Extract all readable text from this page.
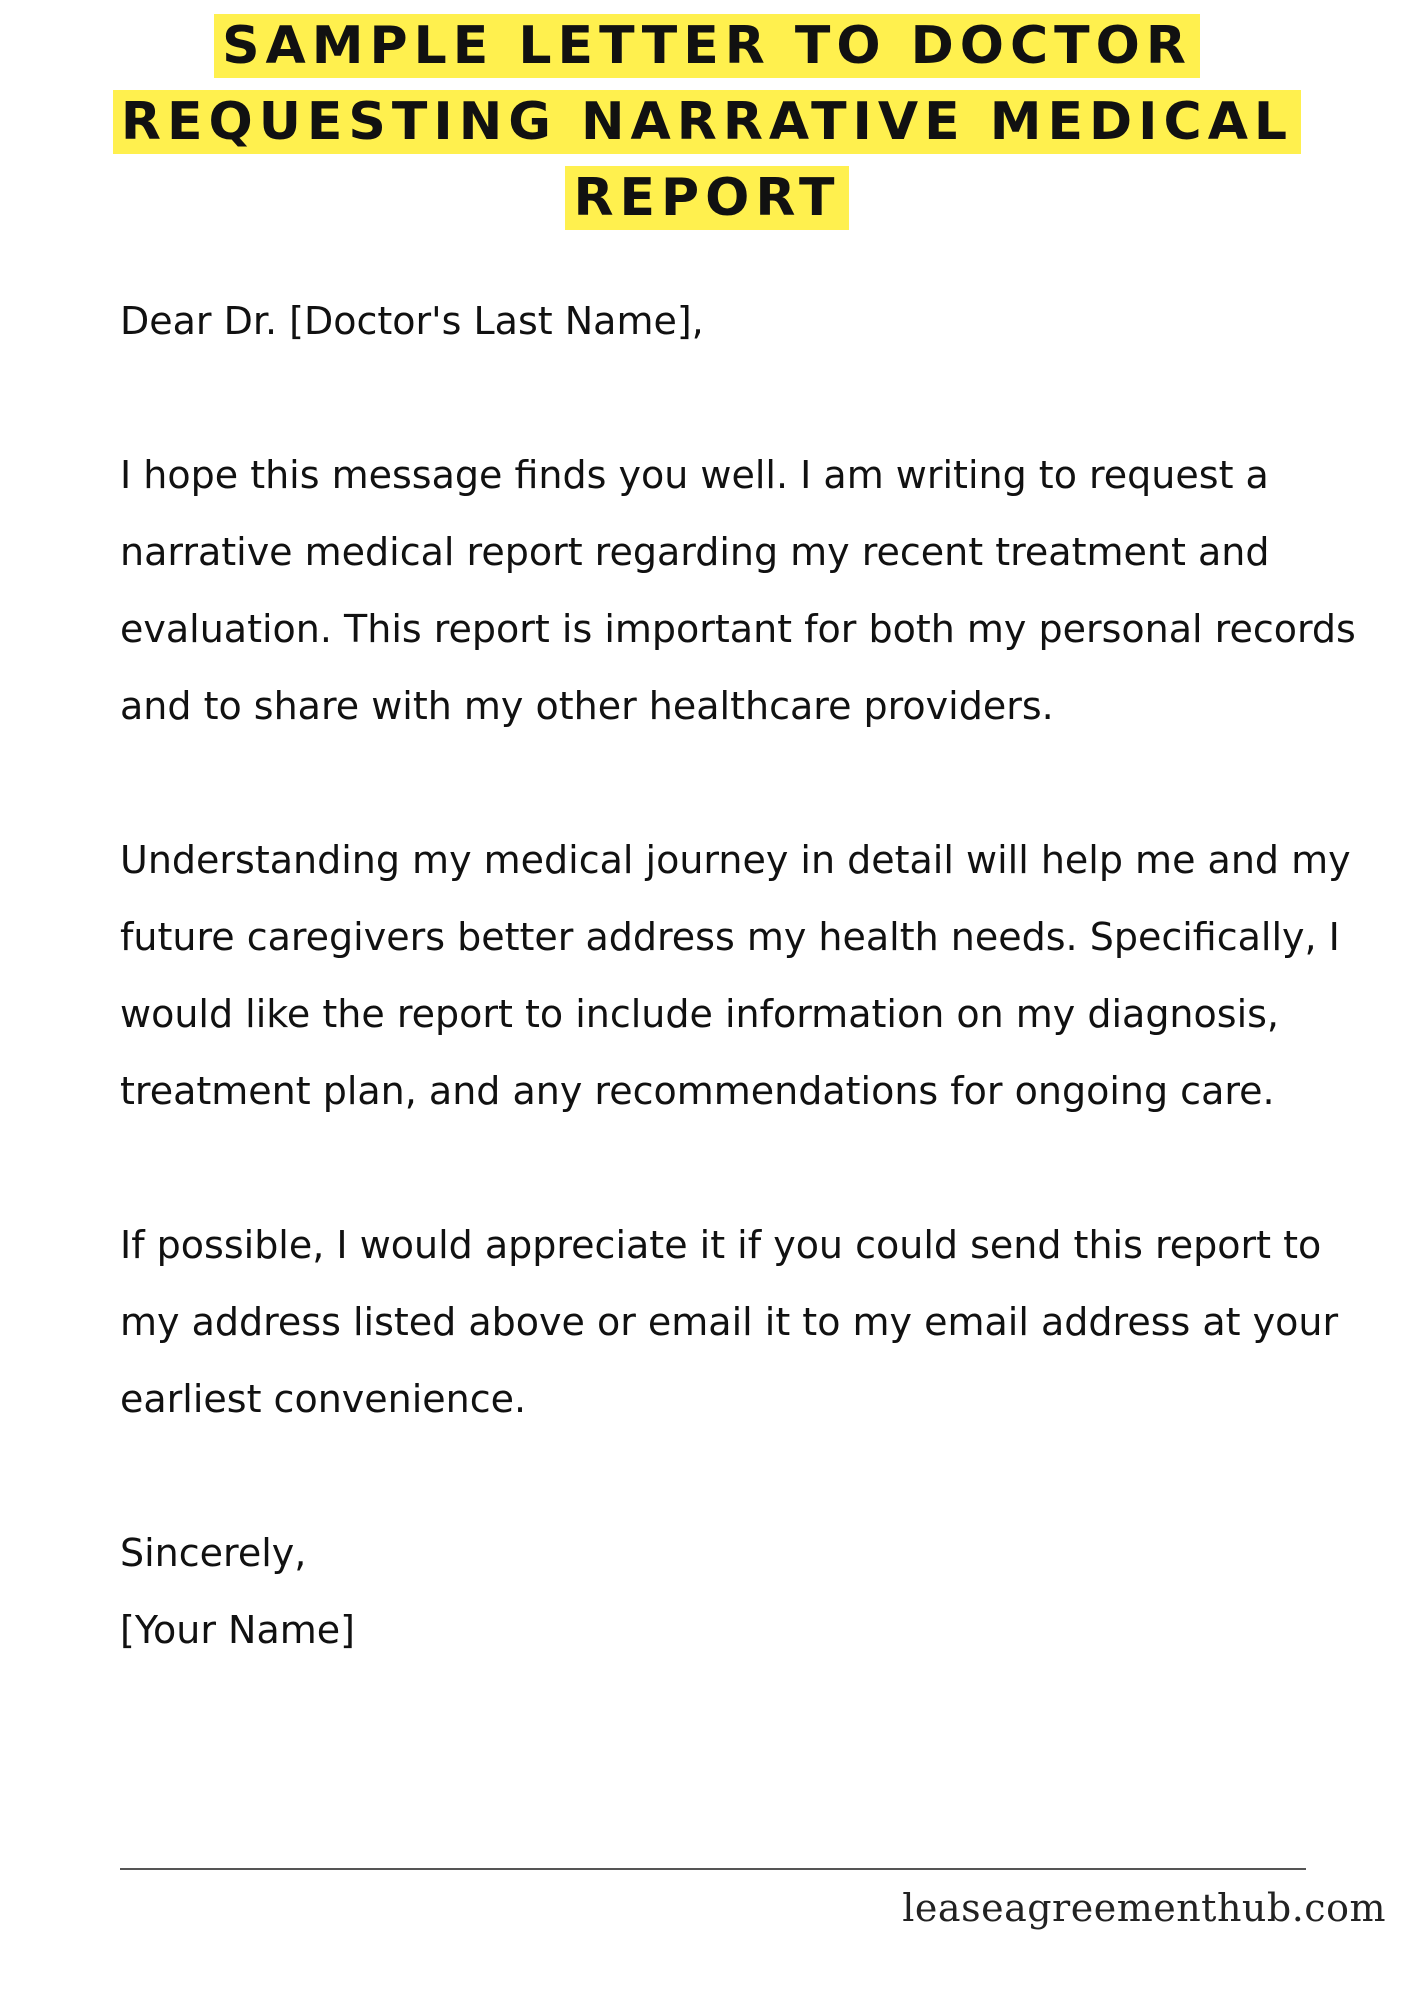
SAMPLE LETTER TO DOCTOR
REQUESTING NARRATIVE MEDICAL
REPORT

Dear Dr. [Doctor's Last Name],

I hope this message finds you well. I am writing to request a narrative medical report regarding my recent treatment and evaluation. This report is important for both my personal records and to share with my other healthcare providers.

Understanding my medical journey in detail will help me and my future caregivers better address my health needs. Specifically, I would like the report to include information on my diagnosis, treatment plan, and any recommendations for ongoing care.

If possible, I would appreciate it if you could send this report to my address listed above or email it to my email address at your earliest convenience.

Sincerely,

[Your Name]

leaseagreementhub.com
